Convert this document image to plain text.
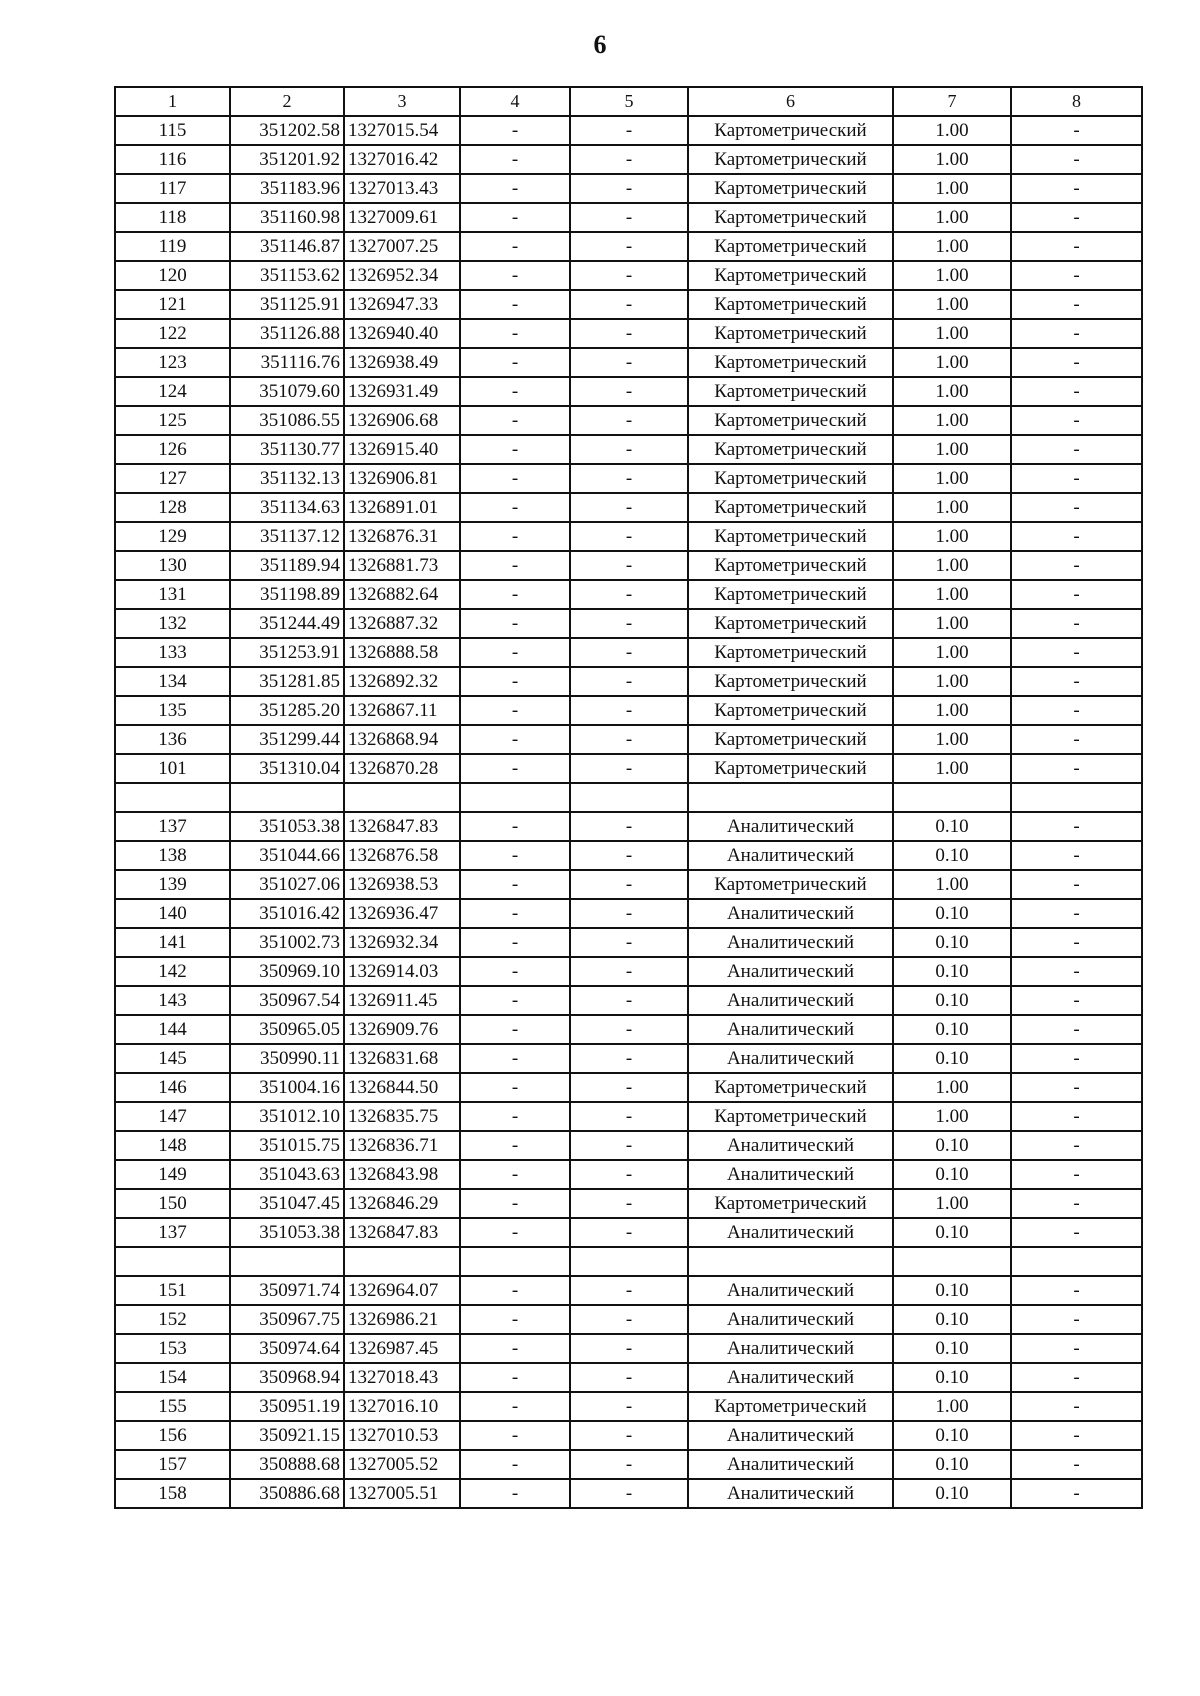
6
1	2	3	4	5	6	7	8
115	351202.58	1327015.54	-	-	Картометрический	1.00	-
116	351201.92	1327016.42	-	-	Картометрический	1.00	-
117	351183.96	1327013.43	-	-	Картометрический	1.00	-
118	351160.98	1327009.61	-	-	Картометрический	1.00	-
119	351146.87	1327007.25	-	-	Картометрический	1.00	-
120	351153.62	1326952.34	-	-	Картометрический	1.00	-
121	351125.91	1326947.33	-	-	Картометрический	1.00	-
122	351126.88	1326940.40	-	-	Картометрический	1.00	-
123	351116.76	1326938.49	-	-	Картометрический	1.00	-
124	351079.60	1326931.49	-	-	Картометрический	1.00	-
125	351086.55	1326906.68	-	-	Картометрический	1.00	-
126	351130.77	1326915.40	-	-	Картометрический	1.00	-
127	351132.13	1326906.81	-	-	Картометрический	1.00	-
128	351134.63	1326891.01	-	-	Картометрический	1.00	-
129	351137.12	1326876.31	-	-	Картометрический	1.00	-
130	351189.94	1326881.73	-	-	Картометрический	1.00	-
131	351198.89	1326882.64	-	-	Картометрический	1.00	-
132	351244.49	1326887.32	-	-	Картометрический	1.00	-
133	351253.91	1326888.58	-	-	Картометрический	1.00	-
134	351281.85	1326892.32	-	-	Картометрический	1.00	-
135	351285.20	1326867.11	-	-	Картометрический	1.00	-
136	351299.44	1326868.94	-	-	Картометрический	1.00	-
101	351310.04	1326870.28	-	-	Картометрический	1.00	-

137	351053.38	1326847.83	-	-	Аналитический	0.10	-
138	351044.66	1326876.58	-	-	Аналитический	0.10	-
139	351027.06	1326938.53	-	-	Картометрический	1.00	-
140	351016.42	1326936.47	-	-	Аналитический	0.10	-
141	351002.73	1326932.34	-	-	Аналитический	0.10	-
142	350969.10	1326914.03	-	-	Аналитический	0.10	-
143	350967.54	1326911.45	-	-	Аналитический	0.10	-
144	350965.05	1326909.76	-	-	Аналитический	0.10	-
145	350990.11	1326831.68	-	-	Аналитический	0.10	-
146	351004.16	1326844.50	-	-	Картометрический	1.00	-
147	351012.10	1326835.75	-	-	Картометрический	1.00	-
148	351015.75	1326836.71	-	-	Аналитический	0.10	-
149	351043.63	1326843.98	-	-	Аналитический	0.10	-
150	351047.45	1326846.29	-	-	Картометрический	1.00	-
137	351053.38	1326847.83	-	-	Аналитический	0.10	-

151	350971.74	1326964.07	-	-	Аналитический	0.10	-
152	350967.75	1326986.21	-	-	Аналитический	0.10	-
153	350974.64	1326987.45	-	-	Аналитический	0.10	-
154	350968.94	1327018.43	-	-	Аналитический	0.10	-
155	350951.19	1327016.10	-	-	Картометрический	1.00	-
156	350921.15	1327010.53	-	-	Аналитический	0.10	-
157	350888.68	1327005.52	-	-	Аналитический	0.10	-
158	350886.68	1327005.51	-	-	Аналитический	0.10	-
